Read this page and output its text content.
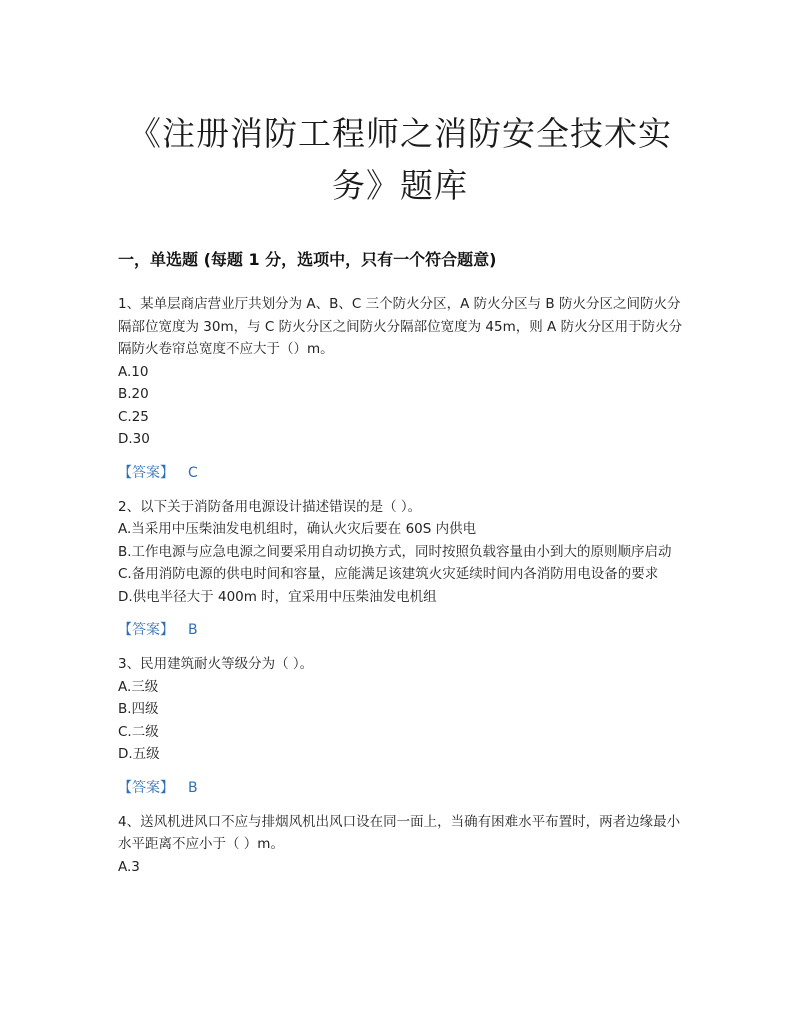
《注册消防工程师之消防安全技术实
务》题库
一，单选题 (每题 1 分，选项中，只有一个符合题意)

1、某单层商店营业厅共划分为 A、B、C 三个防火分区，A 防火分区与 B 防火分区之间防火分隔部位宽度为 30m，与 C 防火分区之间防火分隔部位宽度为 45m，则 A 防火分区用于防火分隔防火卷帘总宽度不应大于（）m。

A.10

B.20

C.25

D.30

【答案】 C

2、以下关于消防备用电源设计描述错误的是（ ）。

A.当采用中压柴油发电机组时，确认火灾后要在 60S 内供电

B.工作电源与应急电源之间要采用自动切换方式，同时按照负载容量由小到大的原则顺序启动

C.备用消防电源的供电时间和容量，应能满足该建筑火灾延续时间内各消防用电设备的要求

D.供电半径大于 400m 时，宜采用中压柴油发电机组

【答案】 B

3、民用建筑耐火等级分为（ ）。

A.三级

B.四级

C.二级

D.五级

【答案】 B

4、送风机进风口不应与排烟风机出风口设在同一面上，当确有困难水平布置时，两者边缘最小水平距离不应小于（ ）m。

A.3
